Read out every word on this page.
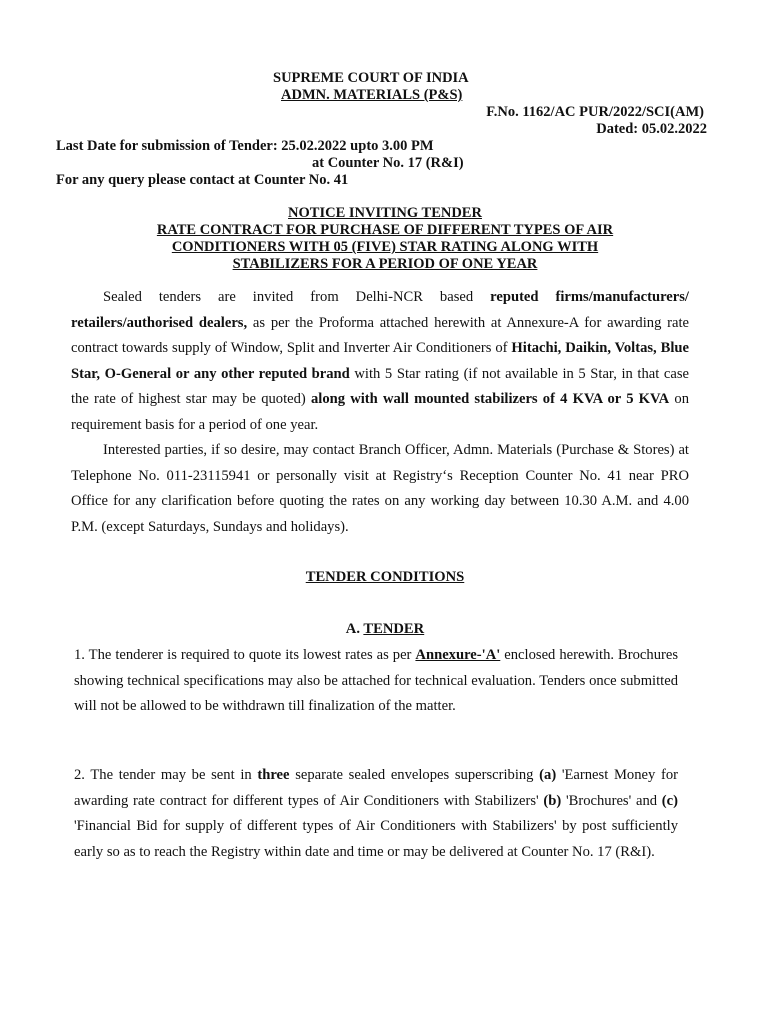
SUPREME COURT OF INDIA
ADMN. MATERIALS (P&S)
F.No. 1162/AC PUR/2022/SCI(AM)
Dated: 05.02.2022
Last Date for submission of Tender: 25.02.2022 upto 3.00 PM
at Counter No. 17 (R&I)
For any query please contact at Counter No. 41
NOTICE INVITING TENDER
RATE CONTRACT FOR PURCHASE OF DIFFERENT TYPES OF AIR
CONDITIONERS WITH 05 (FIVE) STAR RATING ALONG WITH
STABILIZERS FOR A PERIOD OF ONE YEAR

Sealed tenders are invited from Delhi-NCR based reputed firms/manufacturers/ retailers/authorised dealers, as per the Proforma attached herewith at Annexure-A for awarding rate contract towards supply of Window, Split and Inverter Air Conditioners of Hitachi, Daikin, Voltas, Blue Star, O-General or any other reputed brand with 5 Star rating (if not available in 5 Star, in that case the rate of highest star may be quoted) along with wall mounted stabilizers of 4 KVA or 5 KVA on requirement basis for a period of one year.

Interested parties, if so desire, may contact Branch Officer, Admn. Materials (Purchase & Stores) at Telephone No. 011-23115941 or personally visit at Registry‘s Reception Counter No. 41 near PRO Office for any clarification before quoting the rates on any working day between 10.30 A.M. and 4.00 P.M. (except Saturdays, Sundays and holidays).

TENDER CONDITIONS
A. TENDER

1. The tenderer is required to quote its lowest rates as per Annexure-'A' enclosed herewith. Brochures showing technical specifications may also be attached for technical evaluation. Tenders once submitted will not be allowed to be withdrawn till finalization of the matter.

2. The tender may be sent in three separate sealed envelopes superscribing (a) 'Earnest Money for awarding rate contract for different types of Air Conditioners with Stabilizers' (b) 'Brochures' and (c) 'Financial Bid for supply of different types of Air Conditioners with Stabilizers' by post sufficiently early so as to reach the Registry within date and time or may be delivered at Counter No. 17 (R&I).
